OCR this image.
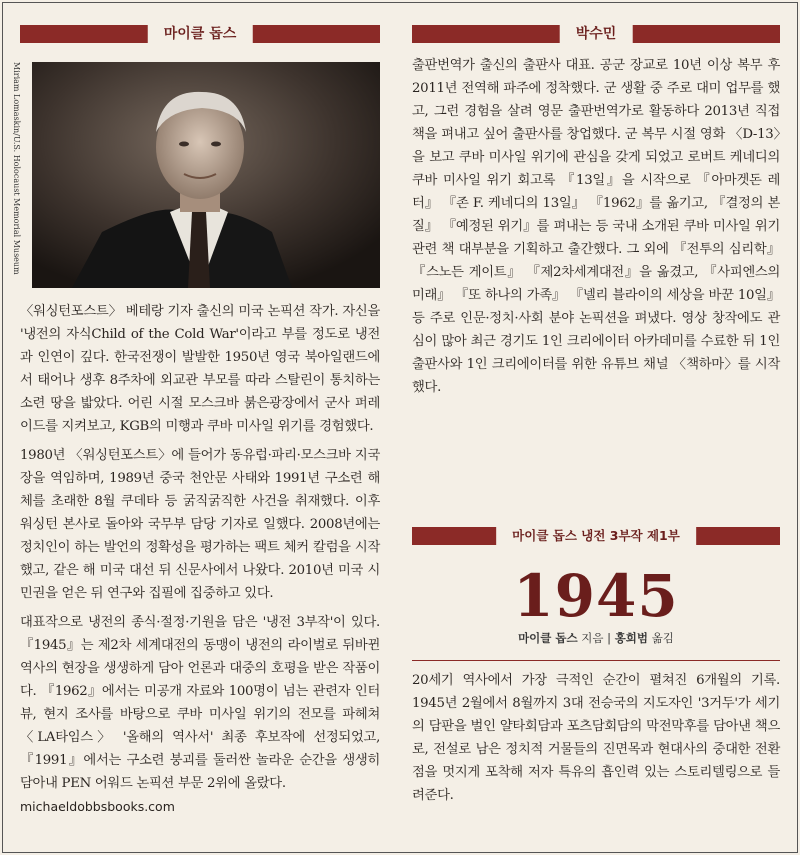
마이클 돕스
Miriam Lomaskin/U.S. Holocaust Memorial Museum

〈워싱턴포스트〉 베테랑 기자 출신의 미국 논픽션 작가. 자신을 '냉전의 자식Child of the Cold War'이라고 부를 정도로 냉전과 인연이 깊다. 한국전쟁이 발발한 1950년 영국 북아일랜드에서 태어나 생후 8주차에 외교관 부모를 따라 스탈린이 통치하는 소련 땅을 밟았다. 어린 시절 모스크바 붉은광장에서 군사 퍼레이드를 지켜보고, KGB의 미행과 쿠바 미사일 위기를 경험했다.

1980년 〈워싱턴포스트〉에 들어가 동유럽·파리·모스크바 지국장을 역임하며, 1989년 중국 천안문 사태와 1991년 구소련 해체를 초래한 8월 쿠데타 등 굵직굵직한 사건을 취재했다. 이후 워싱턴 본사로 돌아와 국무부 담당 기자로 일했다. 2008년에는 정치인이 하는 발언의 정확성을 평가하는 팩트 체커 칼럼을 시작했고, 같은 해 미국 대선 뒤 신문사에서 나왔다. 2010년 미국 시민권을 얻은 뒤 연구와 집필에 집중하고 있다.

대표작으로 냉전의 종식·절정·기원을 담은 '냉전 3부작'이 있다. 『1945』는 제2차 세계대전의 동맹이 냉전의 라이벌로 뒤바뀐 역사의 현장을 생생하게 담아 언론과 대중의 호평을 받은 작품이다. 『1962』에서는 미공개 자료와 100명이 넘는 관련자 인터뷰, 현지 조사를 바탕으로 쿠바 미사일 위기의 전모를 파헤쳐 〈LA타임스〉 '올해의 역사서' 최종 후보작에 선정되었고, 『1991』에서는 구소련 붕괴를 둘러싼 놀라운 순간을 생생히 담아내 PEN 어워드 논픽션 부문 2위에 올랐다.

michaeldobbsbooks.com
박수민

출판번역가 출신의 출판사 대표. 공군 장교로 10년 이상 복무 후 2011년 전역해 파주에 정착했다. 군 생활 중 주로 대미 업무를 했고, 그런 경험을 살려 영문 출판번역가로 활동하다 2013년 직접 책을 펴내고 싶어 출판사를 창업했다. 군 복무 시절 영화 〈D-13〉을 보고 쿠바 미사일 위기에 관심을 갖게 되었고 로버트 케네디의 쿠바 미사일 위기 회고록 『13일』을 시작으로 『아마겟돈 레터』 『존 F. 케네디의 13일』 『1962』를 옮기고, 『결정의 본질』 『예정된 위기』를 펴내는 등 국내 소개된 쿠바 미사일 위기 관련 책 대부분을 기획하고 출간했다. 그 외에 『전투의 심리학』 『스노든 게이트』 『제2차세계대전』을 옮겼고, 『사피엔스의 미래』 『또 하나의 가족』 『넬리 블라이의 세상을 바꾼 10일』 등 주로 인문·정치·사회 분야 논픽션을 펴냈다. 영상 창작에도 관심이 많아 최근 경기도 1인 크리에이터 아카데미를 수료한 뒤 1인 출판사와 1인 크리에이터를 위한 유튜브 채널 〈책하마〉를 시작했다.

마이클 돕스 냉전 3부작 제1부
1945
마이클 돕스 지음 | 홍희범 옮김

20세기 역사에서 가장 극적인 순간이 펼쳐진 6개월의 기록. 1945년 2월에서 8월까지 3대 전승국의 지도자인 '3거두'가 세기의 담판을 벌인 얄타회담과 포츠담회담의 막전막후를 담아낸 책으로, 전설로 남은 정치적 거물들의 진면목과 현대사의 중대한 전환점을 멋지게 포착해 저자 특유의 흡인력 있는 스토리텔링으로 들려준다.
